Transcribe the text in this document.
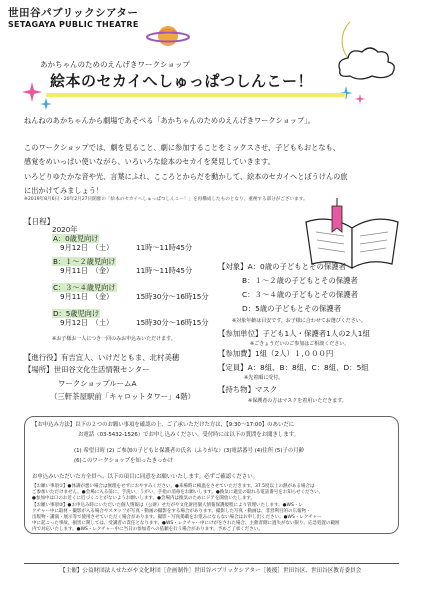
世田谷パブリックシアター
SETAGAYA PUBLIC THEATRE
あかちゃんのためのえんげきワークショップ
絵本のセカイへしゅっぱつしんこー！
ねんねのあかちゃんから劇場であそべる「あかちゃんのためのえんげきワークショップ」。
このワークショップでは、劇を見ること、劇に参加することをミックスさせ、子どももおとなも、
感覚をめいっぱい使いながら、いろいろな絵本のセカイを発見していきます。
いろどりゆたかな音や光、言葉にふれ、こころとからだを動かして、絵本のセカイへとぼうけんの旅
に出かけてみましょう！
※2019年8月6日・20年2月27日開催の「絵本のセカイへしゅっぱつしんこー！」を再構成したものとなり、重複する部分がございます。
【日程】
2020年
A：0歳児向け
9月12日　（土）	11時〜11時45分
B：１〜２歳児向け
9月11日　（金）	11時〜11時45分
C：３〜４歳児向け
9月11日　（金）	15時30分〜16時15分
D：5歳児向け
9月12日　（土）	15時30分〜16時15分
※お子様お一人につき一回のみお申込みいただけます。
【進行役】有吉宜人、いけだともま、北村美穂
【場所】世田谷文化生活情報センター
ワークショップルームA
（三軒茶屋駅前「キャロットタワー」4階）
【対象】A：0歳の子どもとその保護者
B：１〜２歳の子どもとその保護者
C：３〜４歳の子どもとその保護者
D：5歳の子どもとその保護者
※対象年齢は目安です。お子様に合わせてお選びください。
【参加単位】子ども1人・保護者1人の2人1組
※ごきょうだいのご参加はご相談ください。
【参加費】1組（2人）１,０００円
【定員】A：8組、B：8組、C：8組、D：5組
※先着順に受付。
【持ち物】マスク
※保護者の方はマスクを着用いただきます。
【お申込み方法】以下の２つのお願い事項を確認の上、ご了承いただけた方は、【9:30〜17:00】のあいだに
お電話（03-5432-1526）でお申し込みください。受付時には以下の質問をお聞きします。
(1) 希望日時 (2) ご参加の子どもと保護者の氏名（ふりがな）(3)電話番号 (4)住所 (5)子の月齢
(6)このワークショップを知ったきっかけ
お申込みいただいた方全員へ、以下の項目に同意をお願いいたします。必ずご確認ください。
【お願い事項①】●体調が悪い場合は無理をせずにおやすみください。●来場時に検温をさせていただきます。37.5度以上の熱がある場合は
ご参加いただけません。●会場に入る前に、手洗い、うがい、手指の消毒をお願いします。●換気に適宜の取れる電話番号をお知らせください。
●参加中は口のお近くに近づくことがないようお願いします。●会場内は換気のためにドアを開放いたします。
【お願い事項②】●お申込み時にいただいた個人情報は（公財）せたがや文化財団個人情報保護規程により管理いたします。●WS・レ
クチャー中に取材・撮影が入る場合やスタッフが写真・動画の撮影をする場合があります。撮影した写真・動画は、非営利目的の広報物・
出版物・講演・展示等で使用させていただく場合があります。撮影・写真掲載をお望みにならない場合はお申し出ください。●WS・レクチャー
中に起こった事故、損害に関しては、受講者の責任となります。●WS・レクチャー中にけがをされた場合、主催者側に過失がない限り、応急処置の範囲
内で対応いたします。●WS・レクチャー中に当日の参加者への依頼を行う場合があります。予めご了承ください。
【主催】公益財団法人せたがや文化財団［企画制作］世田谷パブリックシアター［後援］世田谷区、世田谷区教育委員会
